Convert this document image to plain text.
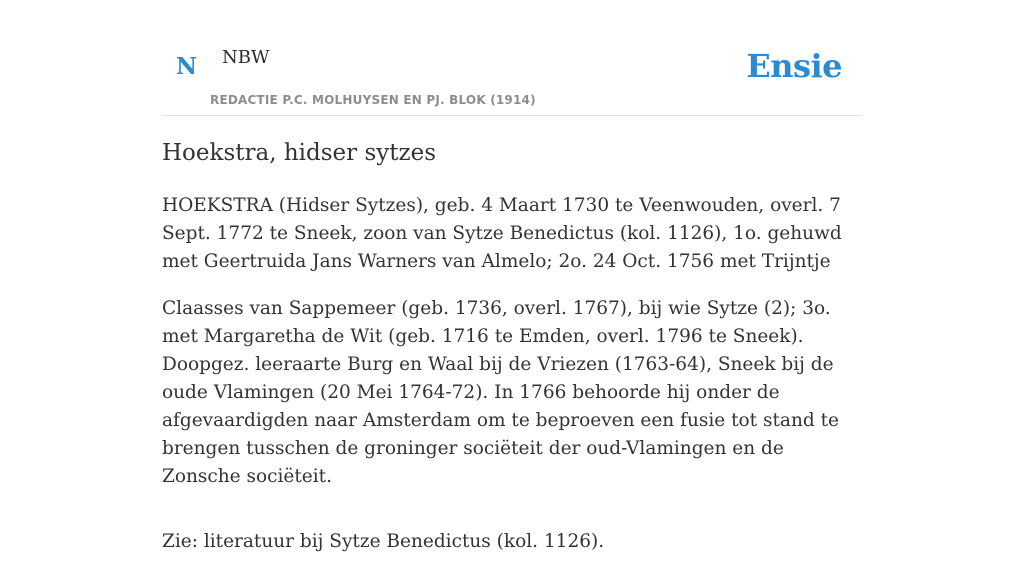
N NBW
REDACTIE P.C. MOLHUYSEN EN PJ. BLOK (1914)
Ensie
Hoekstra, hidser sytzes

HOEKSTRA (Hidser Sytzes), geb. 4 Maart 1730 te Veenwouden, overl. 7 Sept. 1772 te Sneek, zoon van Sytze Benedictus (kol. 1126), 1o. gehuwd met Geertruida Jans Warners van Almelo; 2o. 24 Oct. 1756 met Trijntje

Claasses van Sappemeer (geb. 1736, overl. 1767), bij wie Sytze (2); 3o. met Margaretha de Wit (geb. 1716 te Emden, overl. 1796 te Sneek). Doopgez. leeraarte Burg en Waal bij de Vriezen (1763-64), Sneek bij de oude Vlamingen (20 Mei 1764-72). In 1766 behoorde hij onder de afgevaardigden naar Amsterdam om te beproeven een fusie tot stand te brengen tusschen de groninger sociëteit der oud-Vlamingen en de Zonsche sociëteit.

Zie: literatuur bij Sytze Benedictus (kol. 1126).
